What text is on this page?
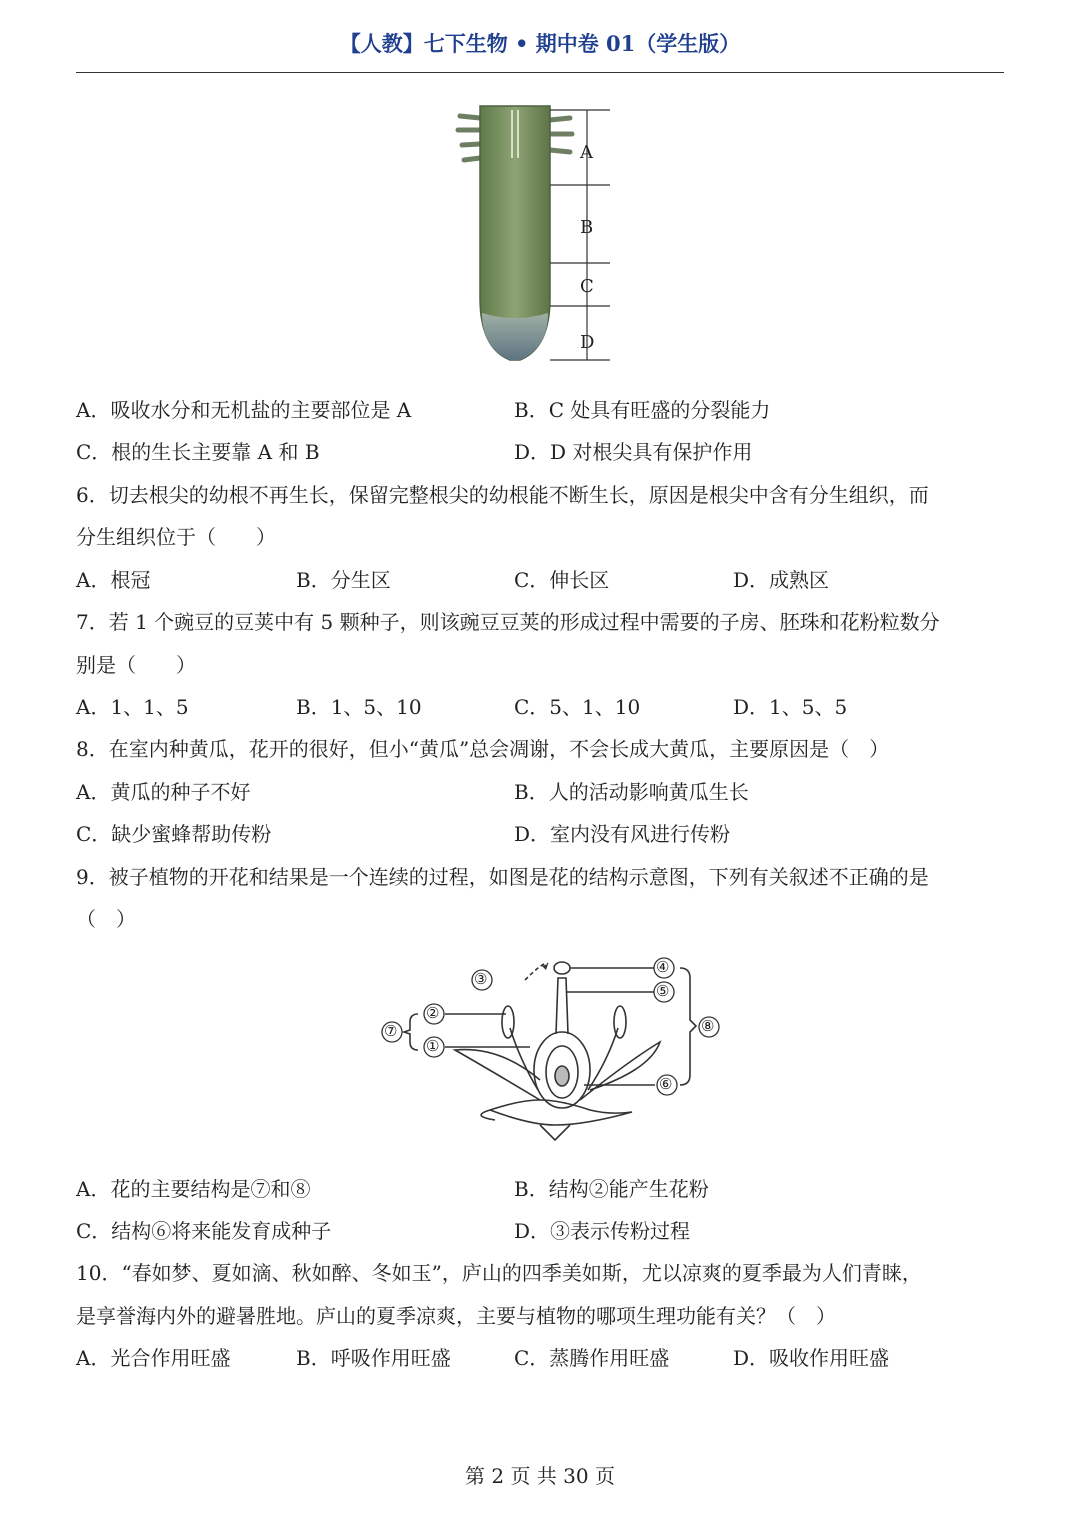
【人教】七下生物 • 期中卷 01（学生版）
A
B
C
D
A．吸收水分和无机盐的主要部位是 A	B．C 处具有旺盛的分裂能力
C．根的生长主要靠 A 和 B	D．D 对根尖具有保护作用
6．切去根尖的幼根不再生长，保留完整根尖的幼根能不断生长，原因是根尖中含有分生组织，而
分生组织位于（　　）
A．根冠	B．分生区	C．伸长区	D．成熟区
7．若 1 个豌豆的豆荚中有 5 颗种子，则该豌豆豆荚的形成过程中需要的子房、胚珠和花粉粒数分
别是（　　）
A．1、1、5	B．1、5、10	C．5、1、10	D．1、5、5
8．在室内种黄瓜，花开的很好，但小“黄瓜”总会凋谢，不会长成大黄瓜，主要原因是（　）
A．黄瓜的种子不好	B．人的活动影响黄瓜生长
C．缺少蜜蜂帮助传粉	D．室内没有风进行传粉
9．被子植物的开花和结果是一个连续的过程，如图是花的结构示意图，下列有关叙述不正确的是
（　）
①
②
③
④
⑤
⑥
⑦	⑧
A．花的主要结构是⑦和⑧	B．结构②能产生花粉
C．结构⑥将来能发育成种子	D．③表示传粉过程
10．“春如梦、夏如滴、秋如醉、冬如玉”，庐山的四季美如斯，尤以凉爽的夏季最为人们青睐，
是享誉海内外的避暑胜地。庐山的夏季凉爽，主要与植物的哪项生理功能有关？（　）
A．光合作用旺盛	B．呼吸作用旺盛	C．蒸腾作用旺盛	D．吸收作用旺盛
第 2 页 共 30 页
